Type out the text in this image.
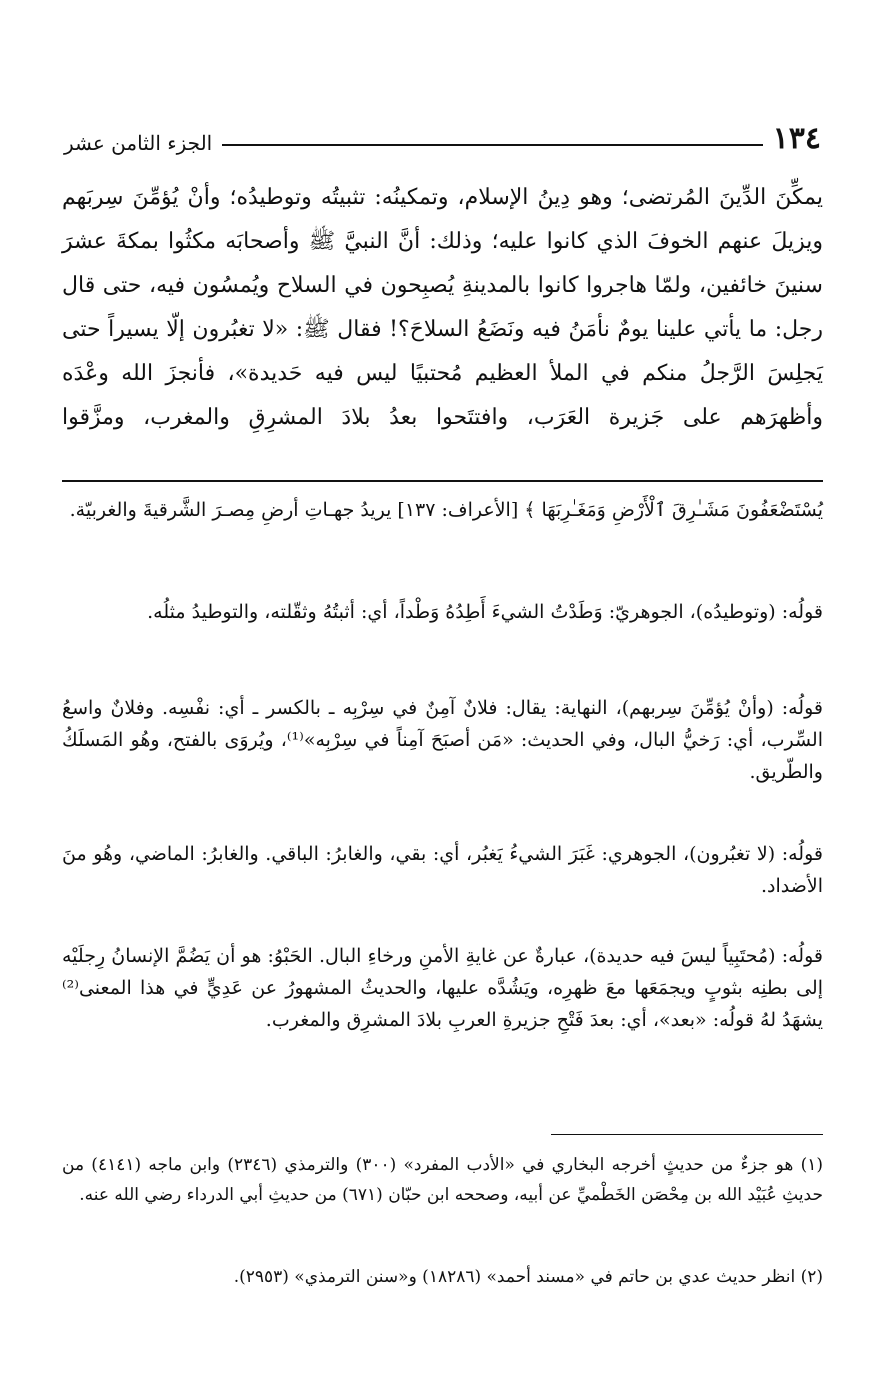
١٣٤
الجزء الثامن عشر

يمكِّنَ الدِّينَ المُرتضى؛ وهو دِينُ الإسلام، وتمكينُه: تثبيتُه وتوطيدُه؛ وأنْ يُؤمِّنَ سِربَهم ويزيلَ عنهم الخوفَ الذي كانوا عليه؛ وذلك: أنَّ النبيَّ ﷺ وأصحابَه مكثُوا بمكةَ عشرَ سنينَ خائفين، ولمّا هاجروا كانوا بالمدينةِ يُصبِحون في السلاح ويُمسُون فيه، حتى قال رجل: ما يأتي علينا يومٌ نأمَنُ فيه ونَضَعُ السلاحَ؟! فقال ﷺ: «لا تغبُرون إلّا يسيراً حتى يَجلِسَ الرَّجلُ منكم في الملأ العظيم مُحتبيًا ليس فيه حَديدة»، فأنجزَ الله وعْدَه وأظهرَهم على جَزيرة العَرَب، وافتتَحوا بعدُ بلادَ المشرِقِ والمغرب، ومزَّقوا

يُسْتَضْعَفُونَ مَشَـٰرِقَ ٱلْأَرْضِ وَمَغَـٰرِبَهَا ﴾ [الأعراف: ١٣٧] يريدُ جهـاتِ أرضِ مِصـرَ الشَّرقيةَ والغربيّة.

قولُه: (وتوطيدُه)، الجوهريّ: وَطَدْتُ الشيءَ أَطِدُهُ وَطْداً، أي: أثبتُهُ وثقّلته، والتوطيدُ مثلُه.

قولُه: (وأنْ يُؤمِّنَ سِربهم)، النهاية: يقال: فلانٌ آمِنٌ في سِرْبِه ـ بالكسر ـ أي: نفْسِه. وفلانٌ واسعُ السِّرب، أي: رَخيُّ البال، وفي الحديث: «مَن أصبَحَ آمِناً في سِرْبِه»⁽¹⁾، ويُروَى بالفتح، وهُو المَسلَكُ والطّريق.

قولُه: (لا تغبُرون)، الجوهري: غَبَرَ الشيءُ يَغبُر، أي: بقي، والغابرُ: الباقي. والغابرُ: الماضي، وهُو منَ الأضداد.

قولُه: (مُحتَبِياً ليسَ فيه حديدة)، عبارةٌ عن غايةِ الأمنِ ورخاءِ البال. الحَبْوُ: هو أن يَضُمَّ الإنسانُ رِجلَيْه إلى بطنِه بثوبٍ ويجمَعَها معَ ظهرِه، ويَشُدَّه عليها، والحديثُ المشهورُ عن عَدِيٍّ في هذا المعنى⁽²⁾ يشهَدُ لهُ قولُه: «بعد»، أي: بعدَ فَتْحِ جزيرةِ العربِ بلادَ المشرِق والمغرب.

(١) هو جزءٌ من حديثٍ أخرجه البخاري في «الأدب المفرد» (٣٠٠) والترمذي (٢٣٤٦) وابن ماجه (٤١٤١) من حديثِ عُبَيْد الله بن مِحْصَن الخَطْميِّ عن أبيه، وصححه ابن حبّان (٦٧١) من حديثِ أبي الدرداء رضي الله عنه.

(٢) انظر حديث عدي بن حاتم في «مسند أحمد» (١٨٢٨٦) و«سنن الترمذي» (٢٩٥٣).
